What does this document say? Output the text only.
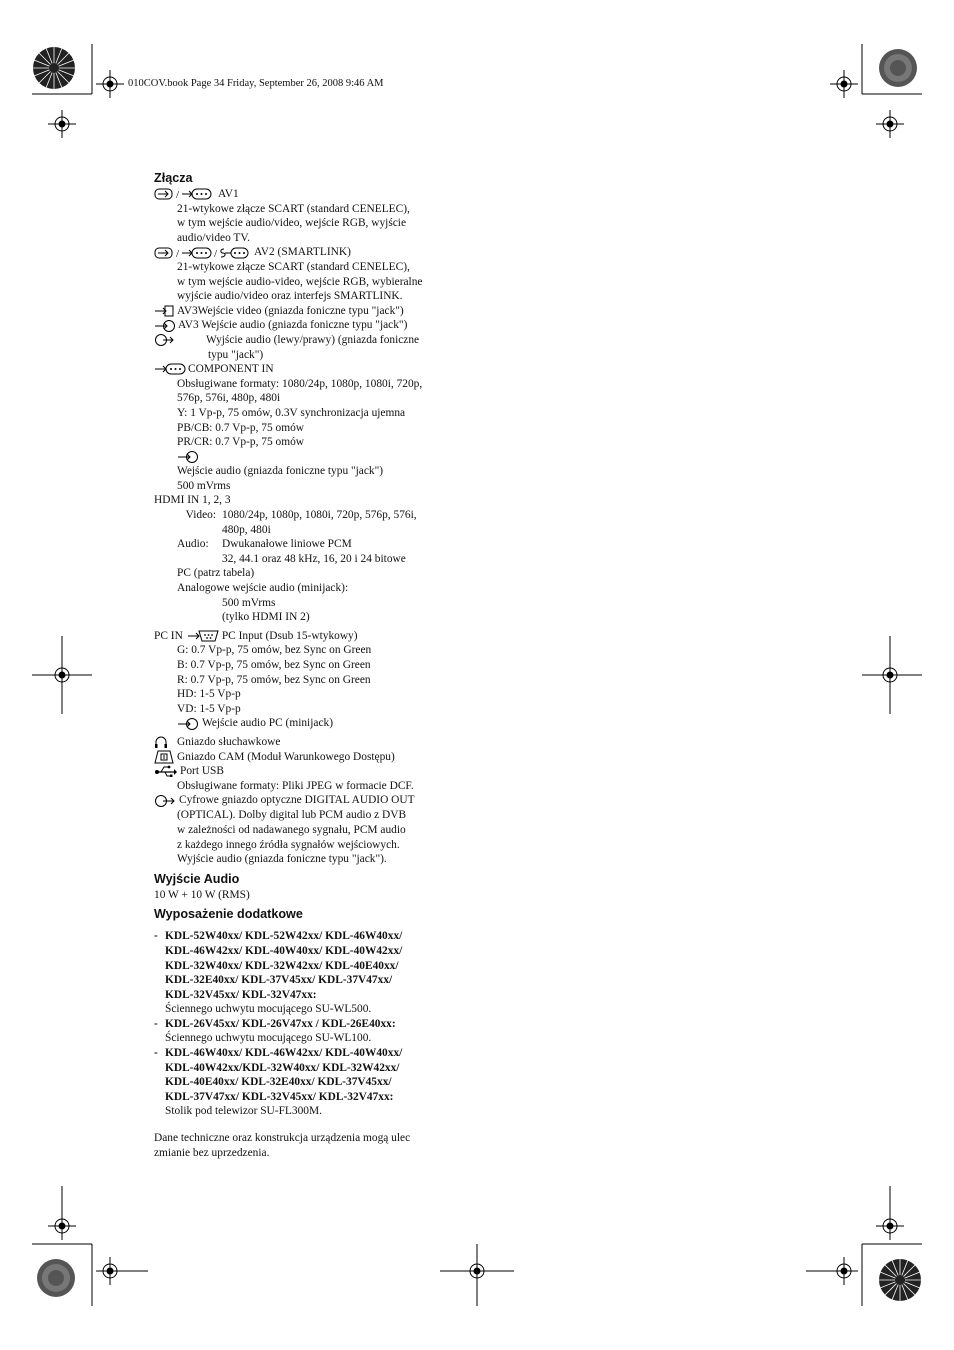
010COV.book Page 34 Friday, September 26, 2008 9:46 AM
Złącza
/	AV1
21-wtykowe złącze SCART (standard CENELEC),
w tym wejście audio/video, wejście RGB, wyjście
audio/video TV.
/	/	AV2 (SMARTLINK)
21-wtykowe złącze SCART (standard CENELEC),
w tym wejście audio-video, wejście RGB, wybieralne
wyjście audio/video oraz interfejs SMARTLINK.
AV3Wejście video (gniazda foniczne typu "jack")
AV3 Wejście audio (gniazda foniczne typu "jack")
Wyjście audio (lewy/prawy) (gniazda foniczne
typu "jack")
COMPONENT IN
Obsługiwane formaty: 1080/24p, 1080p, 1080i, 720p,
576p, 576i, 480p, 480i
Y: 1 Vp-p, 75 omów, 0.3V synchronizacja ujemna
PB/CB: 0.7 Vp-p, 75 omów
PR/CR: 0.7 Vp-p, 75 omów
Wejście audio (gniazda foniczne typu "jack")
500 mVrms
HDMI IN 1, 2, 3
Video: 1080/24p, 1080p, 1080i, 720p, 576p, 576i,
480p, 480i
Audio:	Dwukanałowe liniowe PCM
32, 44.1 oraz 48 kHz, 16, 20 i 24 bitowe
PC (patrz tabela)
Analogowe wejście audio (minijack):
500 mVrms
(tylko HDMI IN 2)
PC IN	PC Input (Dsub 15-wtykowy)
G: 0.7 Vp-p, 75 omów, bez Sync on Green
B: 0.7 Vp-p, 75 omów, bez Sync on Green
R: 0.7 Vp-p, 75 omów, bez Sync on Green
HD: 1-5 Vp-p
VD: 1-5 Vp-p
Wejście audio PC (minijack)
Gniazdo słuchawkowe
Gniazdo CAM (Moduł Warunkowego Dostępu)
Port USB
Obsługiwane formaty: Pliki JPEG w formacie DCF.
Cyfrowe gniazdo optyczne DIGITAL AUDIO OUT
(OPTICAL). Dolby digital lub PCM audio z DVB
w zależności od nadawanego sygnału, PCM audio
z każdego innego źródła sygnałów wejściowych.
Wyjście audio (gniazda foniczne typu "jack").
Wyjście Audio
10 W + 10 W (RMS)
Wyposażenie dodatkowe
- KDL-52W40xx/ KDL-52W42xx/ KDL-46W40xx/
KDL-46W42xx/ KDL-40W40xx/ KDL-40W42xx/
KDL-32W40xx/ KDL-32W42xx/ KDL-40E40xx/
KDL-32E40xx/ KDL-37V45xx/ KDL-37V47xx/
KDL-32V45xx/ KDL-32V47xx:
Ściennego uchwytu mocującego SU-WL500.
- KDL-26V45xx/ KDL-26V47xx / KDL-26E40xx:
Ściennego uchwytu mocującego SU-WL100.
- KDL-46W40xx/ KDL-46W42xx/ KDL-40W40xx/
KDL-40W42xx/KDL-32W40xx/ KDL-32W42xx/
KDL-40E40xx/ KDL-32E40xx/ KDL-37V45xx/
KDL-37V47xx/ KDL-32V45xx/ KDL-32V47xx:
Stolik pod telewizor SU-FL300M.
Dane techniczne oraz konstrukcja urządzenia mogą ulec
zmianie bez uprzedzenia.
